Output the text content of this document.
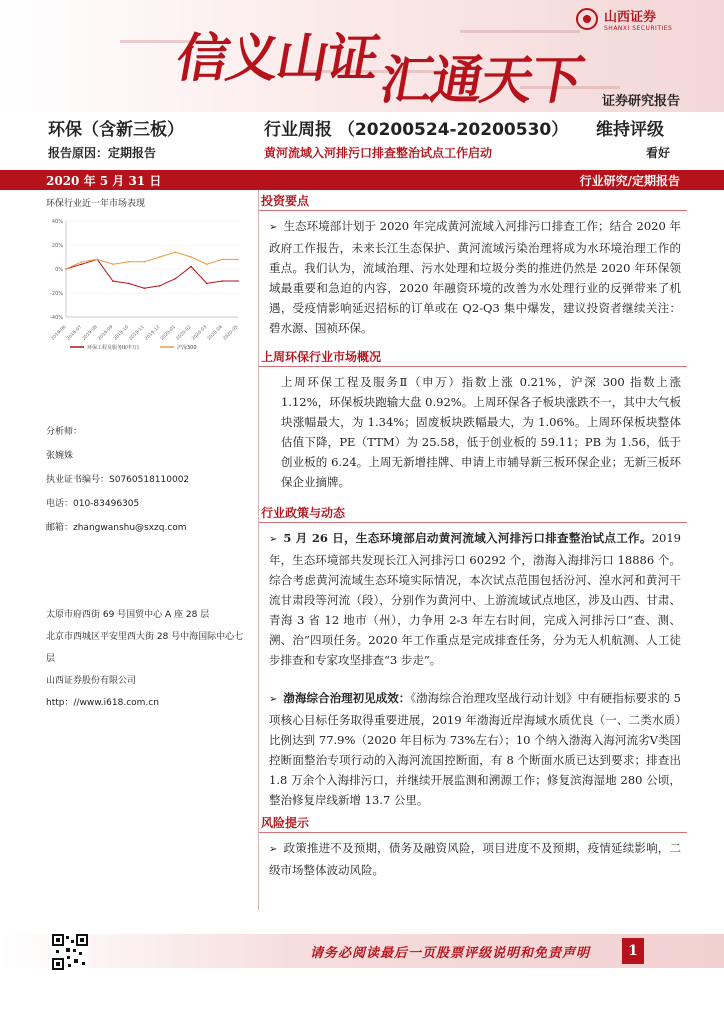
信义山证
汇通天下
山西证券
SHANXI SECURITIES
证券研究报告
环保（含新三板）	行业周报 （20200524-20200530） 维持评级
报告原因：定期报告	黄河流域入河排污口排查整治试点工作启动	看好
2020 年 5 月 31 日	行业研究/定期报告
环保行业近一年市场表现
-40%
-20%
0%
20%
40%
2019-06
2019-07
2019-08
2019-09
2019-10
2019-11
2019-12
2020-01
2020-02
2020-03
2020-04
2020-05
环保工程及服务II(申万)	沪深300
分析师：
张婉姝
执业证书编号：S0760518110002
电话：010-83496305
邮箱：zhangwanshu@sxzq.com
太原市府西街 69 号国贸中心 A 座 28 层
北京市西城区平安里西大街 28 号中海国际中心七层
山西证券股份有限公司
http：//www.i618.com.cn
投资要点
➢ 生态环境部计划于 2020 年完成黄河流域入河排污口排查工作；结合 2020 年政府工作报告，未来长江生态保护、黄河流域污染治理将成为水环境治理工作的重点。我们认为，流域治理、污水处理和垃圾分类的推进仍然是 2020 年环保领域最重要和急迫的内容，2020 年融资环境的改善为水处理行业的反弹带来了机遇，受疫情影响延迟招标的订单或在 Q2-Q3 集中爆发，建议投资者继续关注：碧水源、国祯环保。
上周环保行业市场概况
上周环保工程及服务Ⅱ（申万）指数上涨 0.21%，沪深 300 指数上涨 1.12%，环保板块跑输大盘 0.92%。上周环保各子板块涨跌不一，其中大气板块涨幅最大，为 1.34%；固废板块跌幅最大，为 1.06%。上周环保板块整体估值下降，PE（TTM）为 25.58，低于创业板的 59.11；PB 为 1.56，低于创业板的 6.24。上周无新增挂牌、申请上市辅导新三板环保企业；无新三板环保企业摘牌。
行业政策与动态
➢ 5 月 26 日，生态环境部启动黄河流域入河排污口排查整治试点工作。2019 年，生态环境部共发现长江入河排污口 60292 个，渤海入海排污口 18886 个。综合考虑黄河流域生态环境实际情况，本次试点范围包括汾河、湟水河和黄河干流甘肃段等河流（段），分别作为黄河中、上游流域试点地区，涉及山西、甘肃、青海 3 省 12 地市（州），力争用 2-3 年左右时间，完成入河排污口“查、测、溯、治”四项任务。2020 年工作重点是完成排查任务，分为无人机航测、人工徒步排查和专家攻坚排查“3 步走”。
➢ 渤海综合治理初见成效：《渤海综合治理攻坚战行动计划》中有硬指标要求的 5 项核心目标任务取得重要进展，2019 年渤海近岸海域水质优良（一、二类水质）比例达到 77.9%（2020 年目标为 73%左右）；10 个纳入渤海入海河流劣Ⅴ类国控断面整治专项行动的入海河流国控断面，有 8 个断面水质已达到要求；排查出 1.8 万余个入海排污口，并继续开展监测和溯源工作；修复滨海湿地 280 公顷，整治修复岸线新增 13.7 公里。
风险提示
➢ 政策推进不及预期，债务及融资风险，项目进度不及预期，疫情延续影响，二级市场整体波动风险。
请务必阅读最后一页股票评级说明和免责声明	1
